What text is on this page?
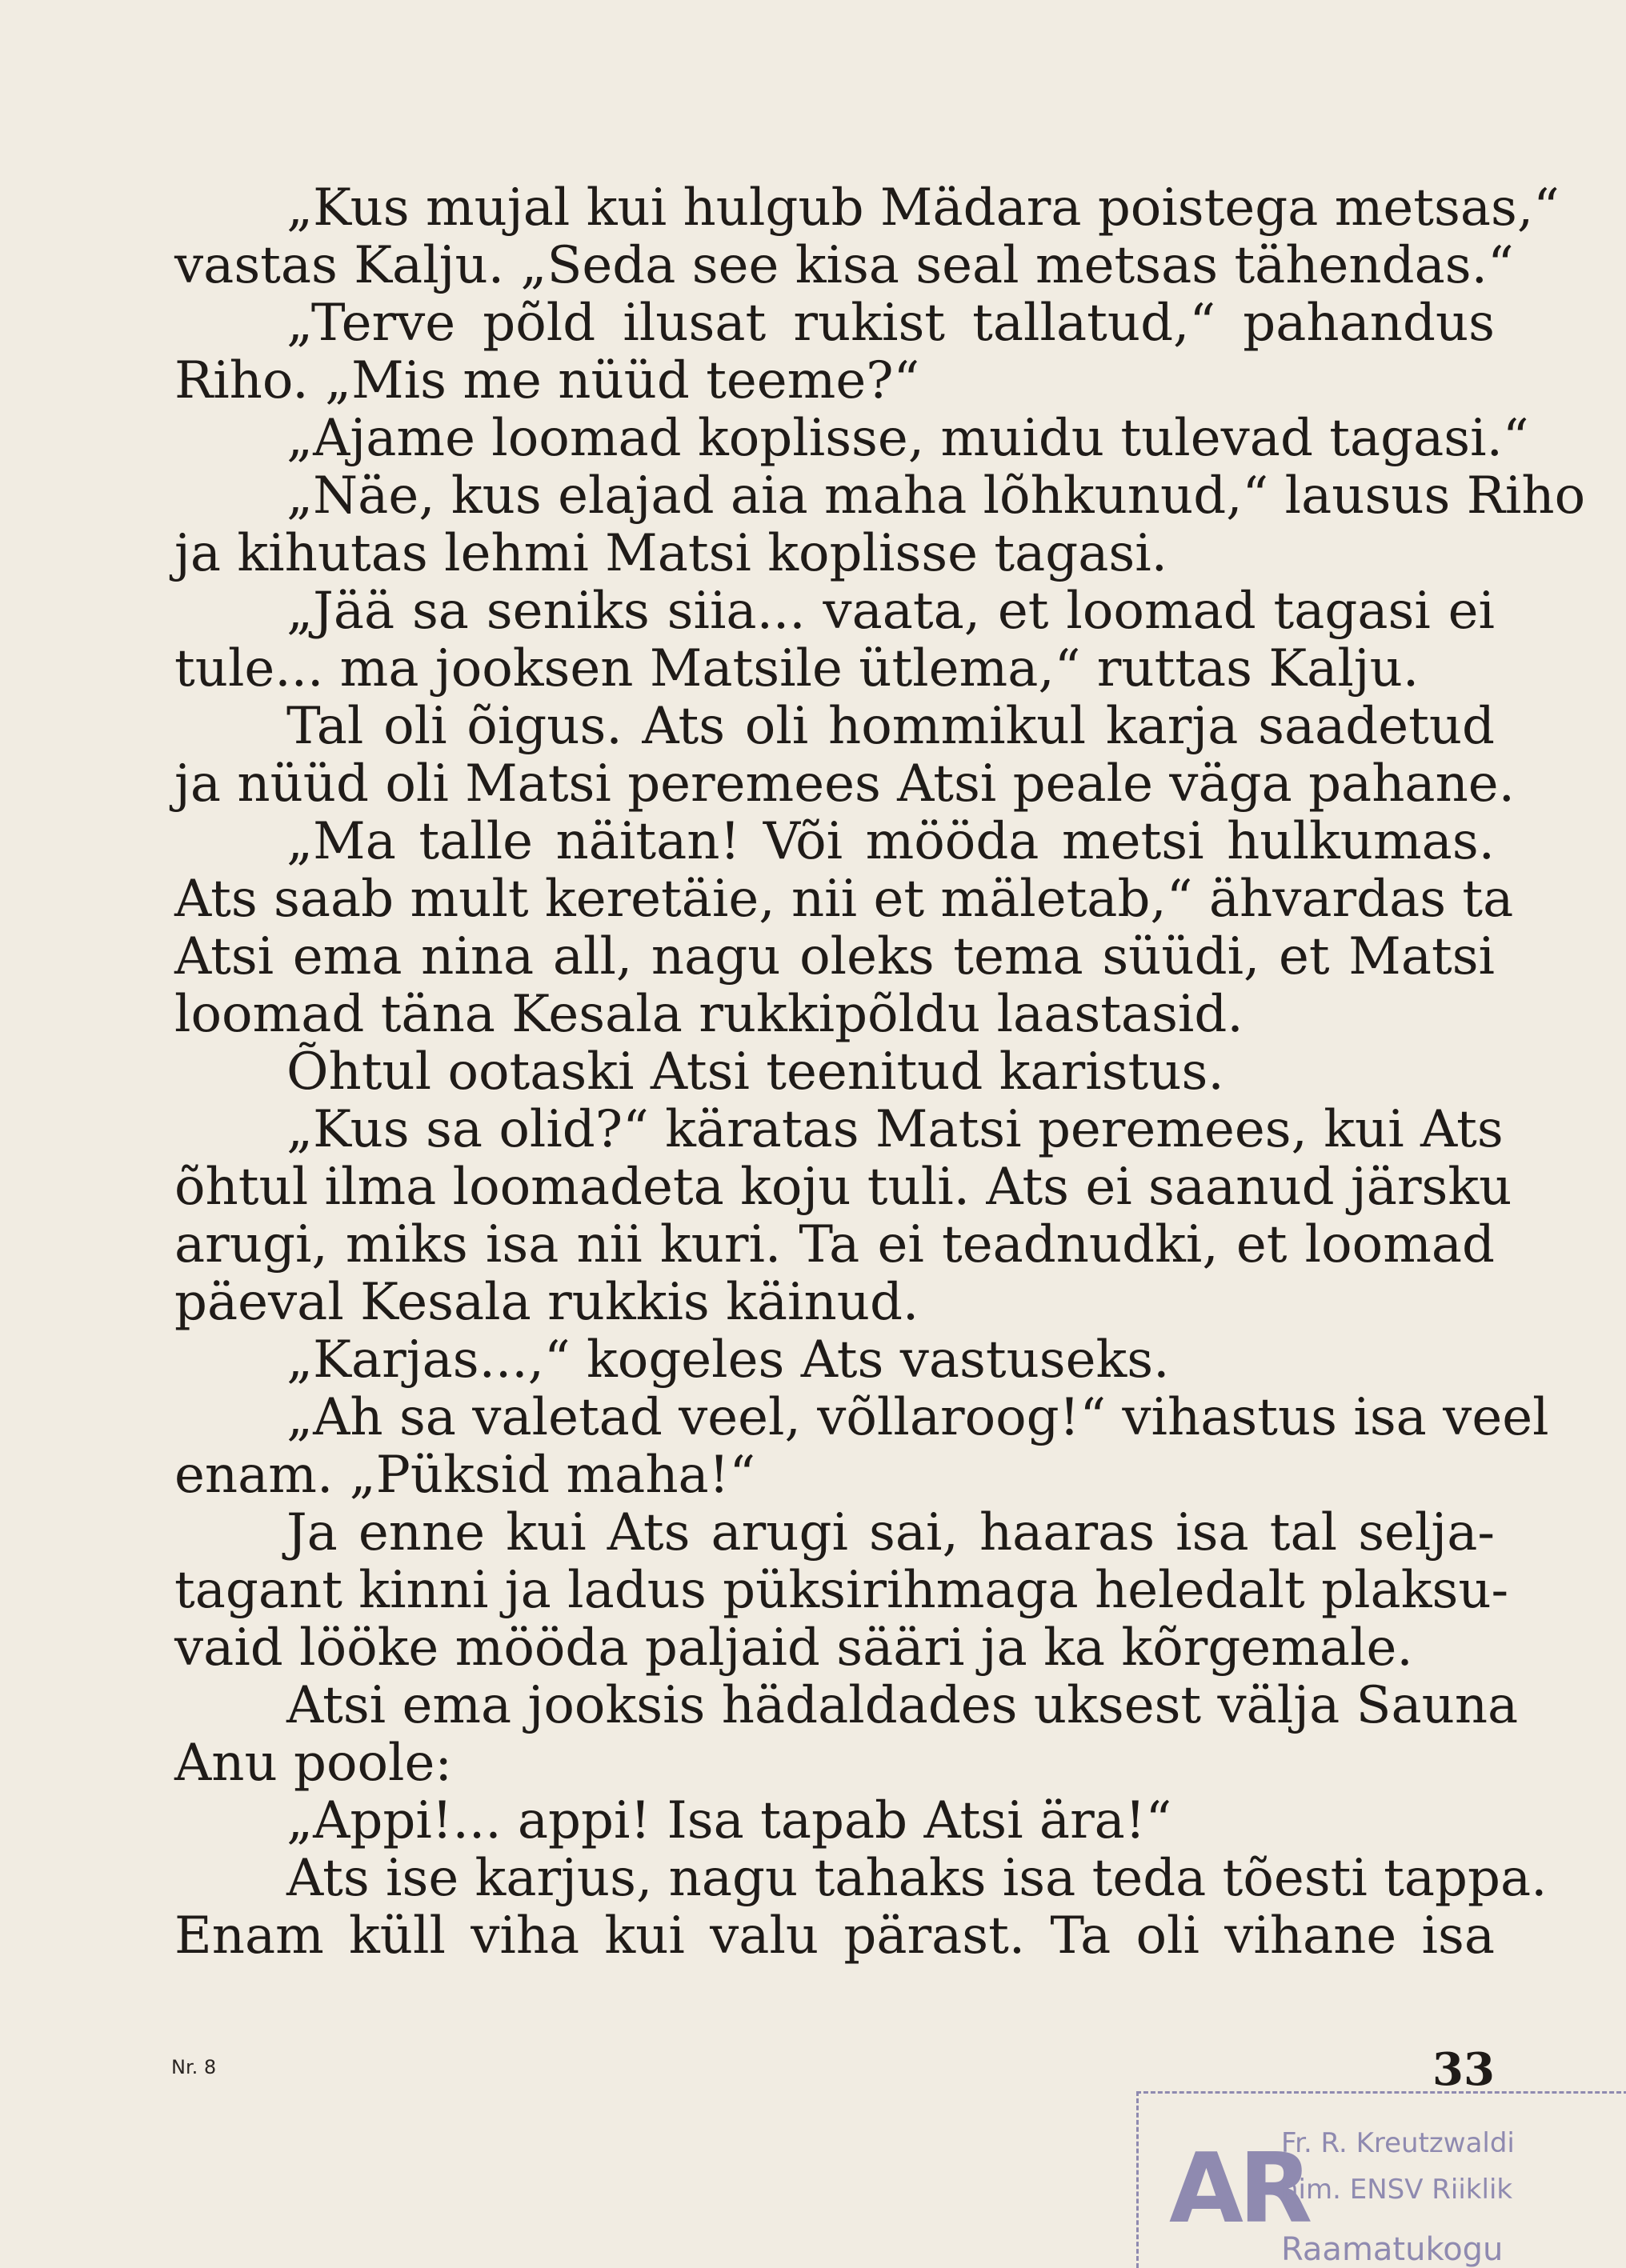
„Kus mujal kui hulgub Mädara poistega metsas,“
vastas Kalju. „Seda see kisa seal metsas tähendas.“
„Terve põld ilusat rukist tallatud,“ pahandus
Riho. „Mis me nüüd teeme?“
„Ajame loomad koplisse, muidu tulevad tagasi.“
„Näe, kus elajad aia maha lõhkunud,“ lausus Riho
ja kihutas lehmi Matsi koplisse tagasi.
„Jää sa seniks siia... vaata, et loomad tagasi ei
tule... ma jooksen Matsile ütlema,“ ruttas Kalju.
Tal oli õigus. Ats oli hommikul karja saadetud
ja nüüd oli Matsi peremees Atsi peale väga pahane.
„Ma talle näitan! Või mööda metsi hulkumas.
Ats saab mult keretäie, nii et mäletab,“ ähvardas ta
Atsi ema nina all, nagu oleks tema süüdi, et Matsi
loomad täna Kesala rukkipõldu laastasid.
Õhtul ootaski Atsi teenitud karistus.
„Kus sa olid?“ käratas Matsi peremees, kui Ats
õhtul ilma loomadeta koju tuli. Ats ei saanud järsku
arugi, miks isa nii kuri. Ta ei teadnudki, et loomad
päeval Kesala rukkis käinud.
„Karjas...,“ kogeles Ats vastuseks.
„Ah sa valetad veel, võllaroog!“ vihastus isa veel
enam. „Püksid maha!“
Ja enne kui Ats arugi sai, haaras isa tal selja-
tagant kinni ja ladus püksirihmaga heledalt plaksu-
vaid lööke mööda paljaid sääri ja ka kõrgemale.
Atsi ema jooksis hädaldades uksest välja Sauna
Anu poole:
„Appi!... appi! Isa tapab Atsi ära!“
Ats ise karjus, nagu tahaks isa teda tõesti tappa.
Enam küll viha kui valu pärast. Ta oli vihane isa
Nr. 8	33
AR
Fr. R. Kreutzwaldi
nim. ENSV Riiklik
Raamatukogu
